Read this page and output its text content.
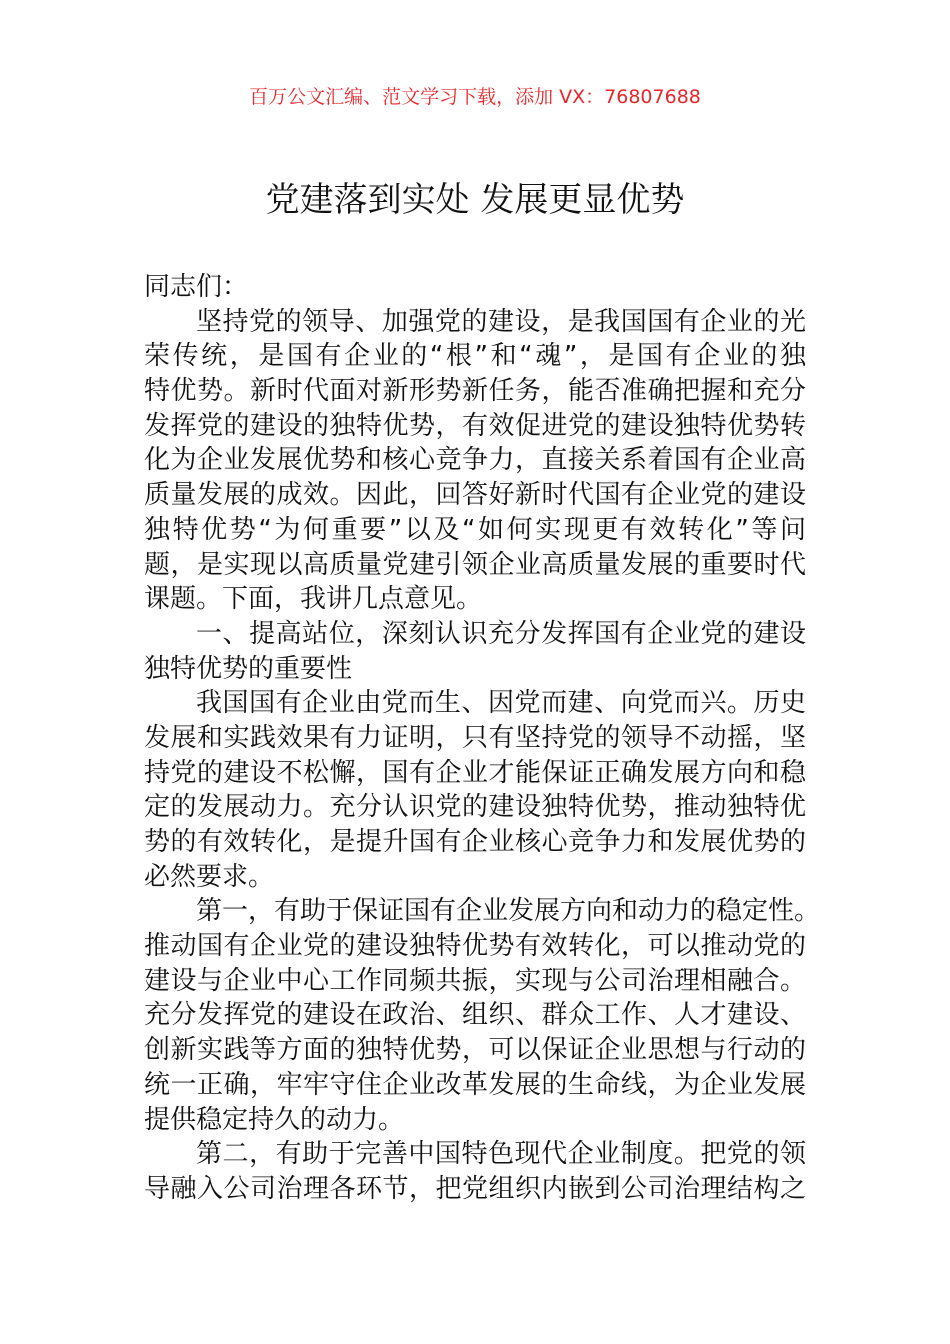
百万公文汇编、范文学习下载，添加 VX：76807688
党建落到实处 发展更显优势
同志们：
坚持党的领导、加强党的建设，是我国国有企业的光
荣传统，是国有企业的“根”和“魂”，是国有企业的独
特优势。新时代面对新形势新任务，能否准确把握和充分
发挥党的建设的独特优势，有效促进党的建设独特优势转
化为企业发展优势和核心竞争力，直接关系着国有企业高
质量发展的成效。因此，回答好新时代国有企业党的建设
独特优势“为何重要”以及“如何实现更有效转化”等问
题，是实现以高质量党建引领企业高质量发展的重要时代
课题。下面，我讲几点意见。
一、提高站位，深刻认识充分发挥国有企业党的建设
独特优势的重要性
我国国有企业由党而生、因党而建、向党而兴。历史
发展和实践效果有力证明，只有坚持党的领导不动摇，坚
持党的建设不松懈，国有企业才能保证正确发展方向和稳
定的发展动力。充分认识党的建设独特优势，推动独特优
势的有效转化，是提升国有企业核心竞争力和发展优势的
必然要求。
第一，有助于保证国有企业发展方向和动力的稳定性。
推动国有企业党的建设独特优势有效转化，可以推动党的
建设与企业中心工作同频共振，实现与公司治理相融合。
充分发挥党的建设在政治、组织、群众工作、人才建设、
创新实践等方面的独特优势，可以保证企业思想与行动的
统一正确，牢牢守住企业改革发展的生命线，为企业发展
提供稳定持久的动力。
第二，有助于完善中国特色现代企业制度。把党的领
导融入公司治理各环节，把党组织内嵌到公司治理结构之
